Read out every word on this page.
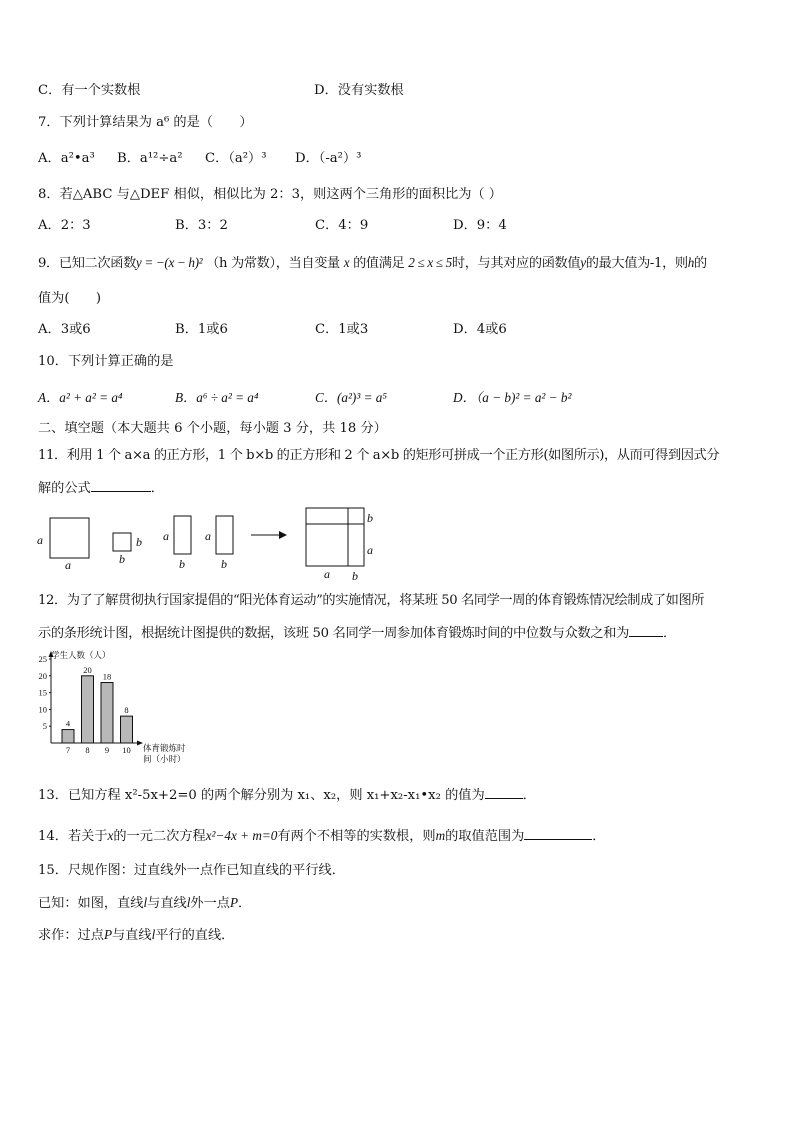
C．有一个实数根	D．没有实数根
7．下列计算结果为 a⁶ 的是（　　）
A．a²•a³ B．a¹²÷a² C．（a²）³ D．（-a²）³
8．若△ABC 与△DEF 相似，相似比为 2：3，则这两个三角形的面积比为（ ）
A．2：3	B．3：2	C．4：9	D．9：4
9．已知二次函数y = −(x − h)² （h 为常数），当自变量 x 的值满足 2 ≤ x ≤ 5时，与其对应的函数值y的最大值为-1，则h的
值为(　　)
A．3或6	B．1或6	C．1或3	D．4或6
10．下列计算正确的是
A．a² + a² = a⁴	B．a⁶ ÷ a² = a⁴	C．(a²)³ = a⁵	D．（a − b)² = a² − b²
二、填空题（本大题共 6 个小题，每小题 3 分，共 18 分）
11．利用 1 个 a×a 的正方形，1 个 b×b 的正方形和 2 个 a×b 的矩形可拼成一个正方形(如图所示)，从而可得到因式分
解的公式	．
a
a
b
b
a
b
a
b
b
a
a b
12．为了了解贯彻执行国家提倡的“阳光体育运动”的实施情况，将某班 50 名同学一周的体育锻炼情况绘制成了如图所
示的条形统计图，根据统计图提供的数据，该班 50 名同学一周参加体育锻炼时间的中位数与众数之和为	．
5
10
15
20
25 学生人数（人）
4
7
20
8
18
9
8
10 体育锻炼时
间（小时）
13．已知方程 x²-5x+2=0 的两个解分别为 x₁、x₂，则 x₁+x₂-x₁•x₂ 的值为	．
14．若关于x的一元二次方程x²−4x + m=0有两个不相等的实数根，则m的取值范围为	．
15．尺规作图：过直线外一点作已知直线的平行线．
已知：如图，直线l与直线l外一点P．
求作：过点P与直线l平行的直线．
